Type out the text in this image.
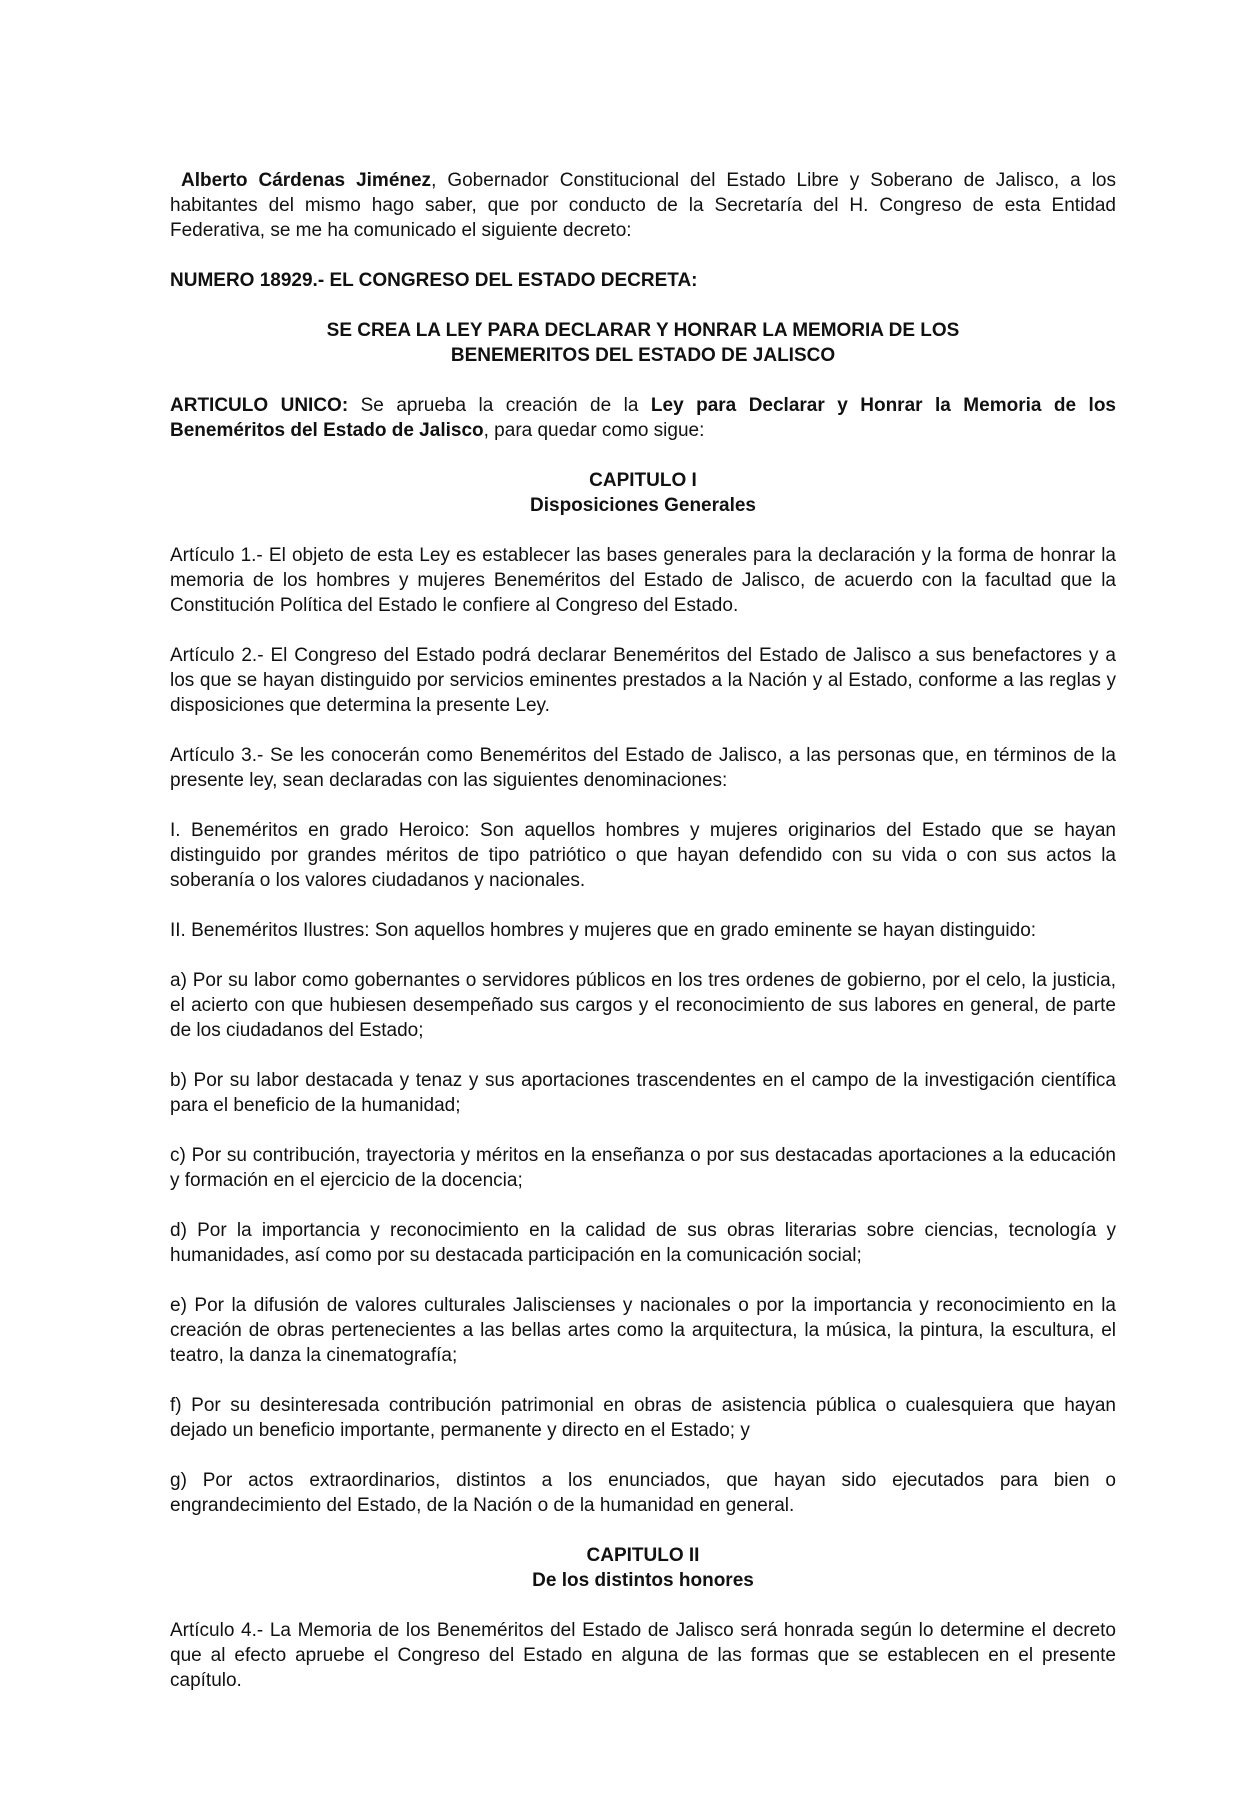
Alberto Cárdenas Jiménez, Gobernador Constitucional del Estado Libre y Soberano de Jalisco, a los habitantes del mismo hago saber, que por conducto de la Secretaría del H. Congreso de esta Entidad Federativa, se me ha comunicado el siguiente decreto:

NUMERO 18929.- EL CONGRESO DEL ESTADO DECRETA:

SE CREA LA LEY PARA DECLARAR Y HONRAR LA MEMORIA DE LOS
BENEMERITOS DEL ESTADO DE JALISCO

ARTICULO UNICO: Se aprueba la creación de la Ley para Declarar y Honrar la Memoria de los Beneméritos del Estado de Jalisco, para quedar como sigue:

CAPITULO I
Disposiciones Generales

Artículo 1.- El objeto de esta Ley es establecer las bases generales para la declaración y la forma de honrar la memoria de los hombres y mujeres Beneméritos del Estado de Jalisco, de acuerdo con la facultad que la Constitución Política del Estado le confiere al Congreso del Estado.

Artículo 2.- El Congreso del Estado podrá declarar Beneméritos del Estado de Jalisco a sus benefactores y a los que se hayan distinguido por servicios eminentes prestados a la Nación y al Estado, conforme a las reglas y disposiciones que determina la presente Ley.

Artículo 3.- Se les conocerán como Beneméritos del Estado de Jalisco, a las personas que, en términos de la presente ley, sean declaradas con las siguientes denominaciones:

I. Beneméritos en grado Heroico: Son aquellos hombres y mujeres originarios del Estado que se hayan distinguido por grandes méritos de tipo patriótico o que hayan defendido con su vida o con sus actos la soberanía o los valores ciudadanos y nacionales.

II. Beneméritos Ilustres: Son aquellos hombres y mujeres que en grado eminente se hayan distinguido:

a) Por su labor como gobernantes o servidores públicos en los tres ordenes de gobierno, por el celo, la justicia, el acierto con que hubiesen desempeñado sus cargos y el reconocimiento de sus labores en general, de parte de los ciudadanos del Estado;

b) Por su labor destacada y tenaz y sus aportaciones trascendentes en el campo de la investigación científica para el beneficio de la humanidad;

c) Por su contribución, trayectoria y méritos en la enseñanza o por sus destacadas aportaciones a la educación y formación en el ejercicio de la docencia;

d) Por la importancia y reconocimiento en la calidad de sus obras literarias sobre ciencias, tecnología y humanidades, así como por su destacada participación en la comunicación social;

e) Por la difusión de valores culturales Jaliscienses y nacionales o por la importancia y reconocimiento en la creación de obras pertenecientes a las bellas artes como la arquitectura, la música, la pintura, la escultura, el teatro, la danza la cinematografía;

f) Por su desinteresada contribución patrimonial en obras de asistencia pública o cualesquiera que hayan dejado un beneficio importante, permanente y directo en el Estado; y

g) Por actos extraordinarios, distintos a los enunciados, que hayan sido ejecutados para bien o engrandecimiento del Estado, de la Nación o de la humanidad en general.

CAPITULO II
De los distintos honores

Artículo 4.- La Memoria de los Beneméritos del Estado de Jalisco será honrada según lo determine el decreto que al efecto apruebe el Congreso del Estado en alguna de las formas que se establecen en el presente capítulo.
